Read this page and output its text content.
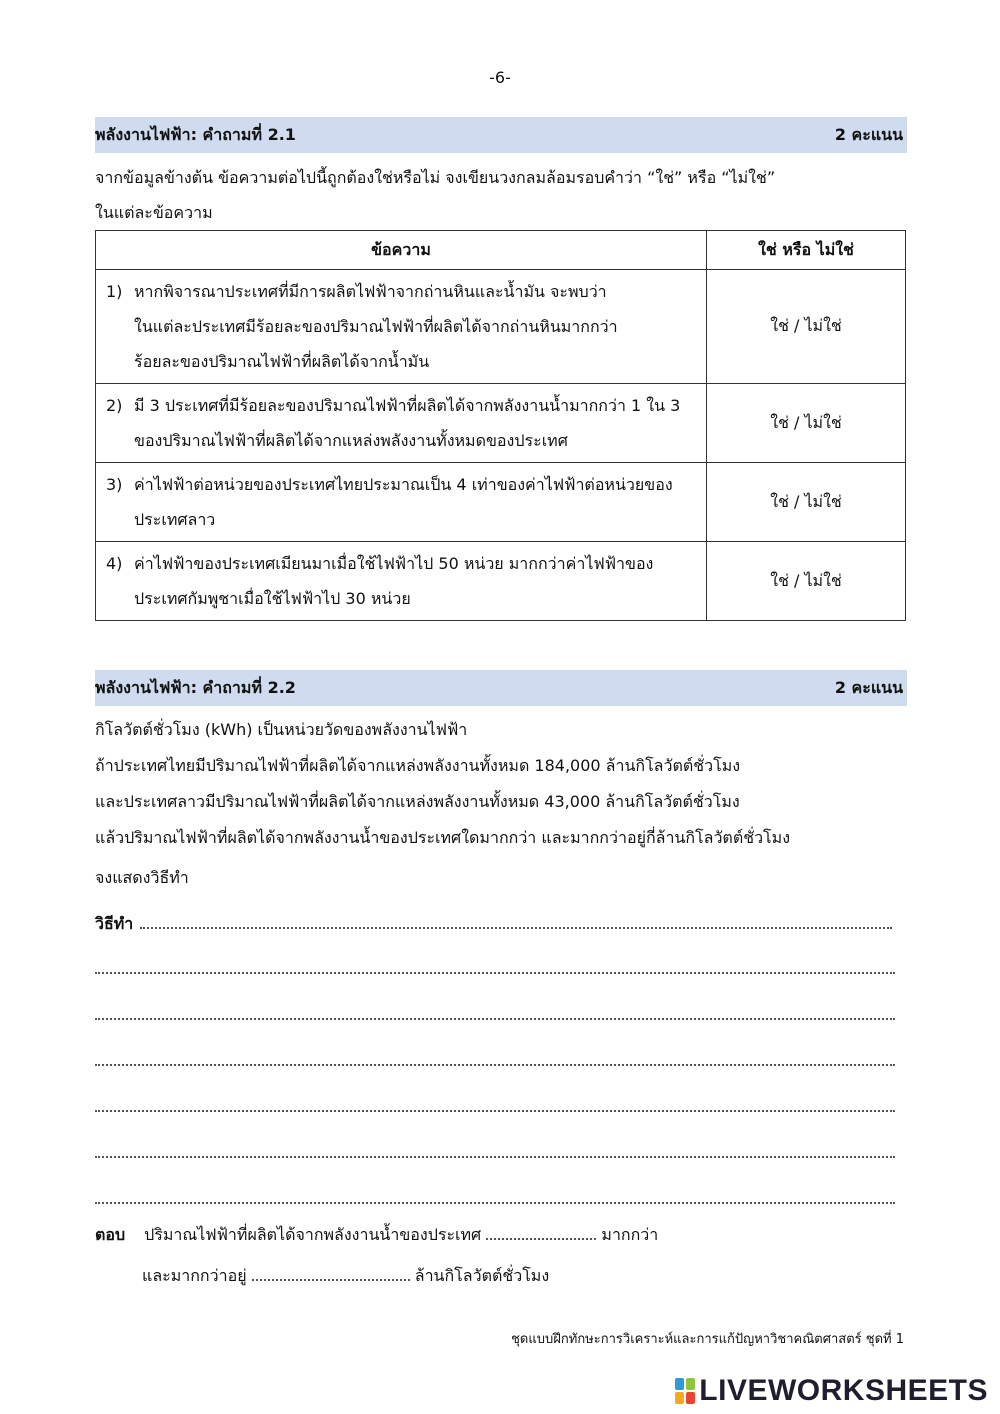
-6-
พลังงานไฟฟ้า: คำถามที่ 2.1	2 คะแนน
จากข้อมูลข้างต้น ข้อความต่อไปนี้ถูกต้องใช่หรือไม่ จงเขียนวงกลมล้อมรอบคำว่า “ใช่” หรือ “ไม่ใช่”
ในแต่ละข้อความ
ข้อความ	ใช่ หรือ ไม่ใช่

1) หากพิจารณาประเทศที่มีการผลิตไฟฟ้าจากถ่านหินและน้ำมัน จะพบว่า
ในแต่ละประเทศมีร้อยละของปริมาณไฟฟ้าที่ผลิตได้จากถ่านหินมากกว่า
ร้อยละของปริมาณไฟฟ้าที่ผลิตได้จากน้ำมัน	ใช่ / ไม่ใช่

2) มี 3 ประเทศที่มีร้อยละของปริมาณไฟฟ้าที่ผลิตได้จากพลังงานน้ำมากกว่า 1 ใน 3
ของปริมาณไฟฟ้าที่ผลิตได้จากแหล่งพลังงานทั้งหมดของประเทศ	ใช่ / ไม่ใช่

3) ค่าไฟฟ้าต่อหน่วยของประเทศไทยประมาณเป็น 4 เท่าของค่าไฟฟ้าต่อหน่วยของ
ประเทศลาว	ใช่ / ไม่ใช่

4) ค่าไฟฟ้าของประเทศเมียนมาเมื่อใช้ไฟฟ้าไป 50 หน่วย มากกว่าค่าไฟฟ้าของ
ประเทศกัมพูชาเมื่อใช้ไฟฟ้าไป 30 หน่วย	ใช่ / ไม่ใช่
พลังงานไฟฟ้า: คำถามที่ 2.2	2 คะแนน
กิโลวัตต์ชั่วโมง (kWh) เป็นหน่วยวัดของพลังงานไฟฟ้า
ถ้าประเทศไทยมีปริมาณไฟฟ้าที่ผลิตได้จากแหล่งพลังงานทั้งหมด 184,000 ล้านกิโลวัตต์ชั่วโมง
และประเทศลาวมีปริมาณไฟฟ้าที่ผลิตได้จากแหล่งพลังงานทั้งหมด 43,000 ล้านกิโลวัตต์ชั่วโมง
แล้วปริมาณไฟฟ้าที่ผลิตได้จากพลังงานน้ำของประเทศใดมากกว่า และมากกว่าอยู่กี่ล้านกิโลวัตต์ชั่วโมง
จงแสดงวิธีทำ
วิธีทำ
ตอบ ปริมาณไฟฟ้าที่ผลิตได้จากพลังงานน้ำของประเทศ	มากกว่า
และมากกว่าอยู่	ล้านกิโลวัตต์ชั่วโมง
ชุดแบบฝึกทักษะการวิเคราะห์และการแก้ปัญหาวิชาคณิตศาสตร์ ชุดที่ 1
LIVEWORKSHEETS
